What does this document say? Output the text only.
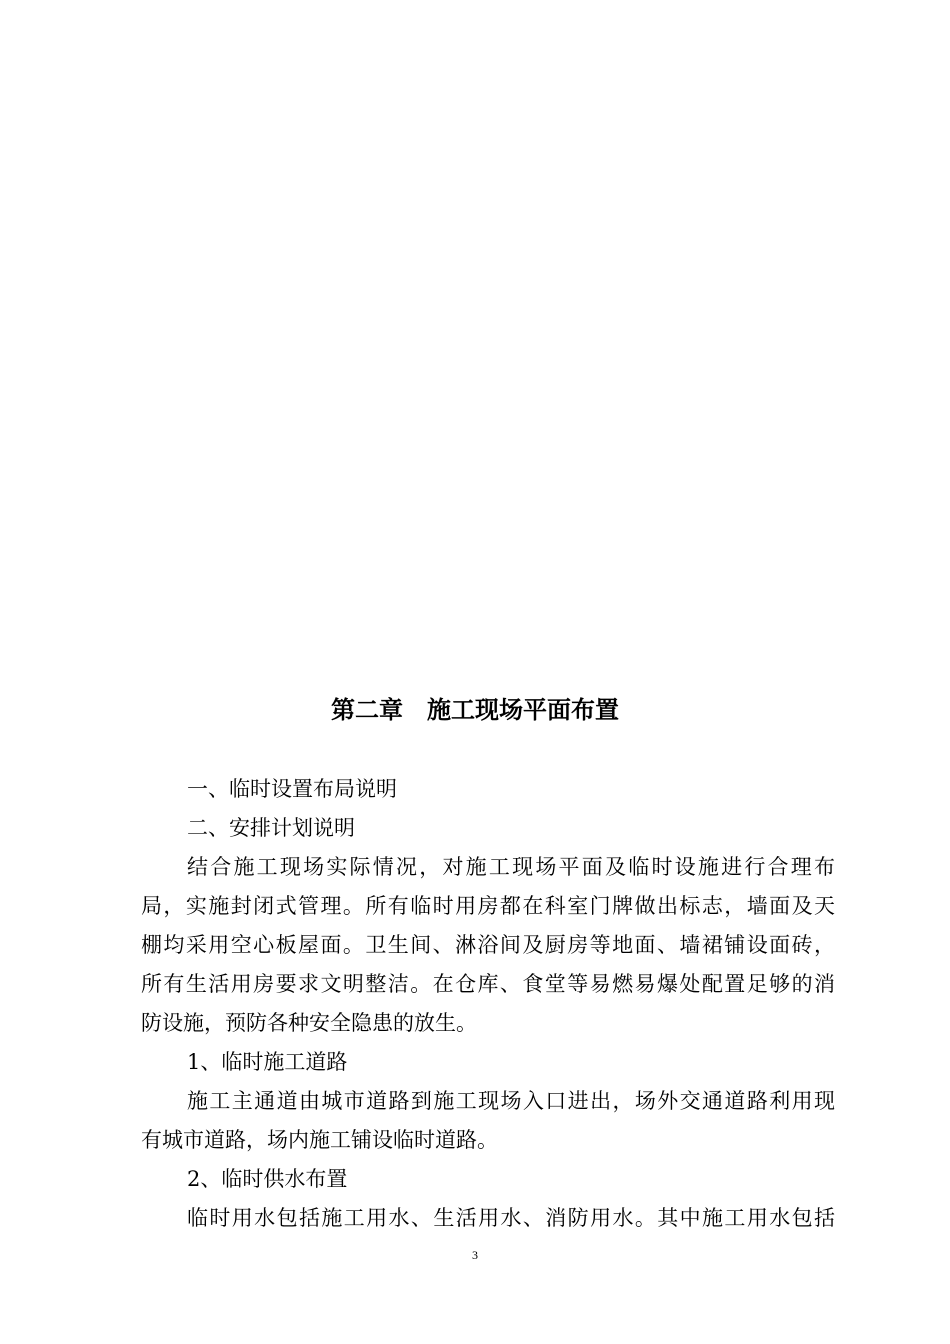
第二章 施工现场平面布置
一、临时设置布局说明
二、安排计划说明
结合施工现场实际情况，对施工现场平面及临时设施进行合理布
局，实施封闭式管理。所有临时用房都在科室门牌做出标志，墙面及天
棚均采用空心板屋面。卫生间、淋浴间及厨房等地面、墙裙铺设面砖，
所有生活用房要求文明整洁。在仓库、食堂等易燃易爆处配置足够的消
防设施，预防各种安全隐患的放生。
1、临时施工道路
施工主通道由城市道路到施工现场入口进出，场外交通道路利用现
有城市道路，场内施工铺设临时道路。
2、临时供水布置
临时用水包括施工用水、生活用水、消防用水。其中施工用水包括
3
